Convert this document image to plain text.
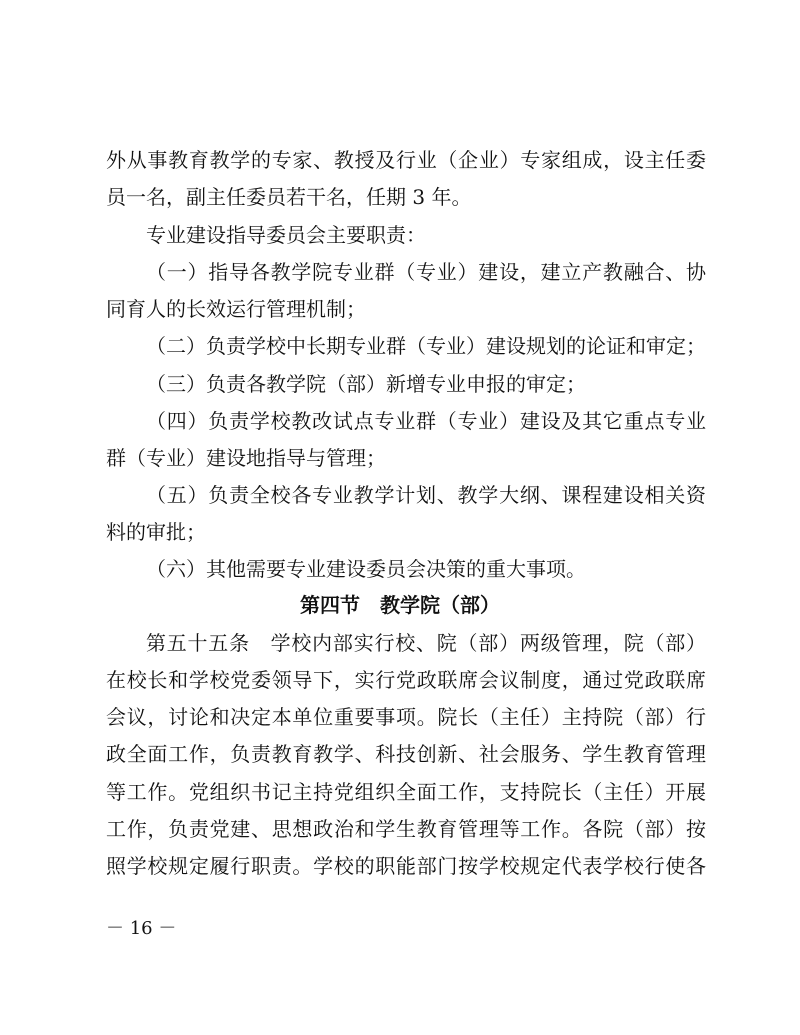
外从事教育教学的专家、教授及行业（企业）专家组成，设主任委
员一名，副主任委员若干名，任期 3 年。
专业建设指导委员会主要职责：
（一）指导各教学院专业群（专业）建设，建立产教融合、协
同育人的长效运行管理机制；
（二）负责学校中长期专业群（专业）建设规划的论证和审定；
（三）负责各教学院（部）新增专业申报的审定；
（四）负责学校教改试点专业群（专业）建设及其它重点专业
群（专业）建设地指导与管理；
（五）负责全校各专业教学计划、教学大纲、课程建设相关资
料的审批；
（六）其他需要专业建设委员会决策的重大事项。
第四节　教学院（部）
第五十五条　学校内部实行校、院（部）两级管理，院（部）
在校长和学校党委领导下，实行党政联席会议制度，通过党政联席
会议，讨论和决定本单位重要事项。院长（主任）主持院（部）行
政全面工作，负责教育教学、科技创新、社会服务、学生教育管理
等工作。党组织书记主持党组织全面工作，支持院长（主任）开展
工作，负责党建、思想政治和学生教育管理等工作。各院（部）按
照学校规定履行职责。学校的职能部门按学校规定代表学校行使各
－ 16 －
